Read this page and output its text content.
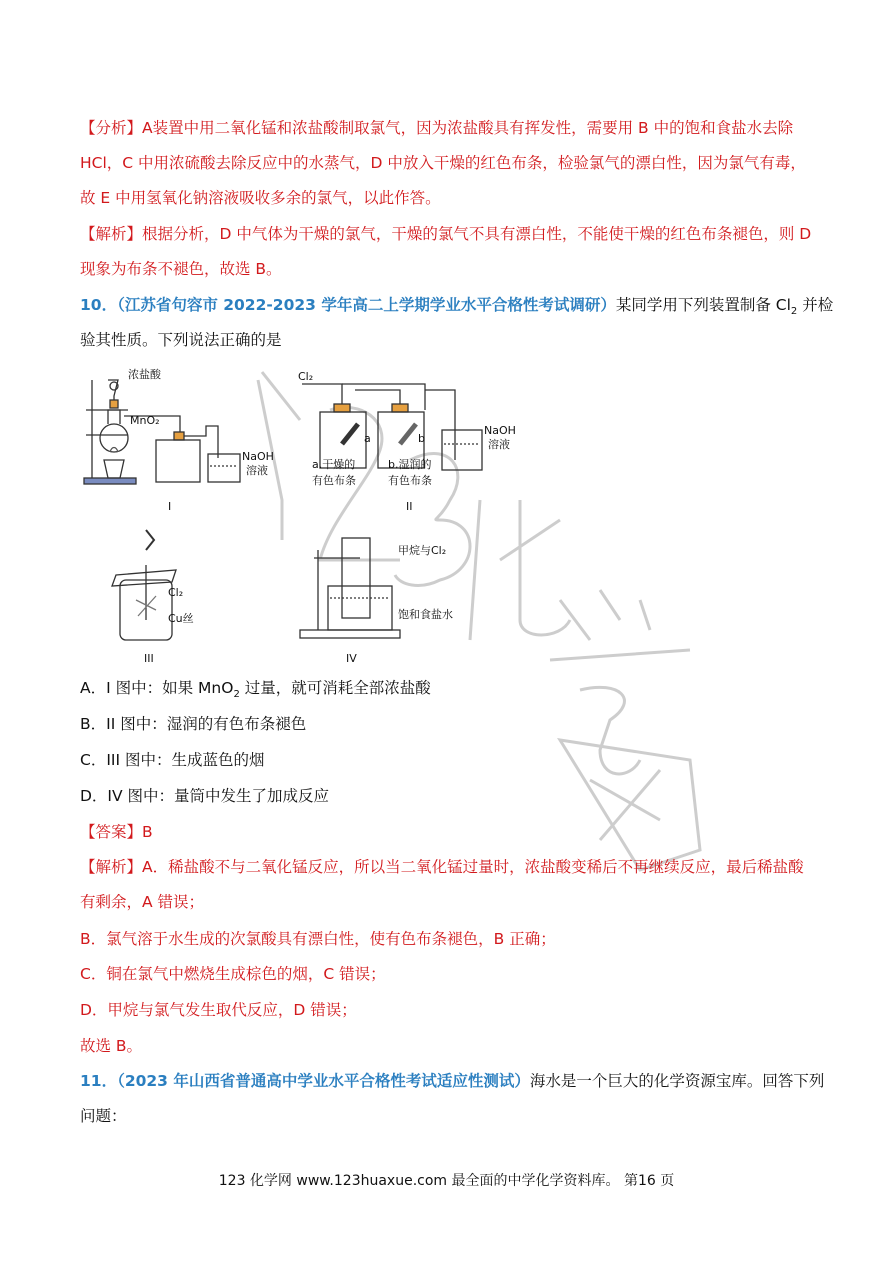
【分析】A装置中用二氧化锰和浓盐酸制取氯气，因为浓盐酸具有挥发性，需要用 B 中的饱和食盐水去除
HCl，C 中用浓硫酸去除反应中的水蒸气，D 中放入干燥的红色布条，检验氯气的漂白性，因为氯气有毒，
故 E 中用氢氧化钠溶液吸收多余的氯气，以此作答。
【解析】根据分析，D 中气体为干燥的氯气，干燥的氯气不具有漂白性，不能使干燥的红色布条褪色，则 D
现象为布条不褪色，故选 B。
10．（江苏省句容市 2022-2023 学年高二上学期学业水平合格性考试调研）某同学用下列装置制备 $Cl_2$ 并检
验其性质。下列说法正确的是
浓盐酸
MnO₂
NaOH
溶液
I
Cl₂
a	b
a.干燥的
有色布条
b.湿润的
有色布条
NaOH
溶液
II
Cl₂
Cu丝
III
甲烷与Cl₂
饱和食盐水
IV
A．I 图中：如果 MnO$_2$ 过量，就可消耗全部浓盐酸
B．II 图中：湿润的有色布条褪色
C．III 图中：生成蓝色的烟
D．IV 图中：量筒中发生了加成反应
【答案】B
【解析】A．稀盐酸不与二氧化锰反应，所以当二氧化锰过量时，浓盐酸变稀后不再继续反应，最后稀盐酸
有剩余，A 错误；
B．氯气溶于水生成的次氯酸具有漂白性，使有色布条褪色，B 正确；
C．铜在氯气中燃烧生成棕色的烟，C 错误；
D．甲烷与氯气发生取代反应，D 错误；
故选 B。
11．（2023 年山西省普通高中学业水平合格性考试适应性测试）海水是一个巨大的化学资源宝库。回答下列
问题：
123 化学网 www.123huaxue.com 最全面的中学化学资料库。 第16 页
